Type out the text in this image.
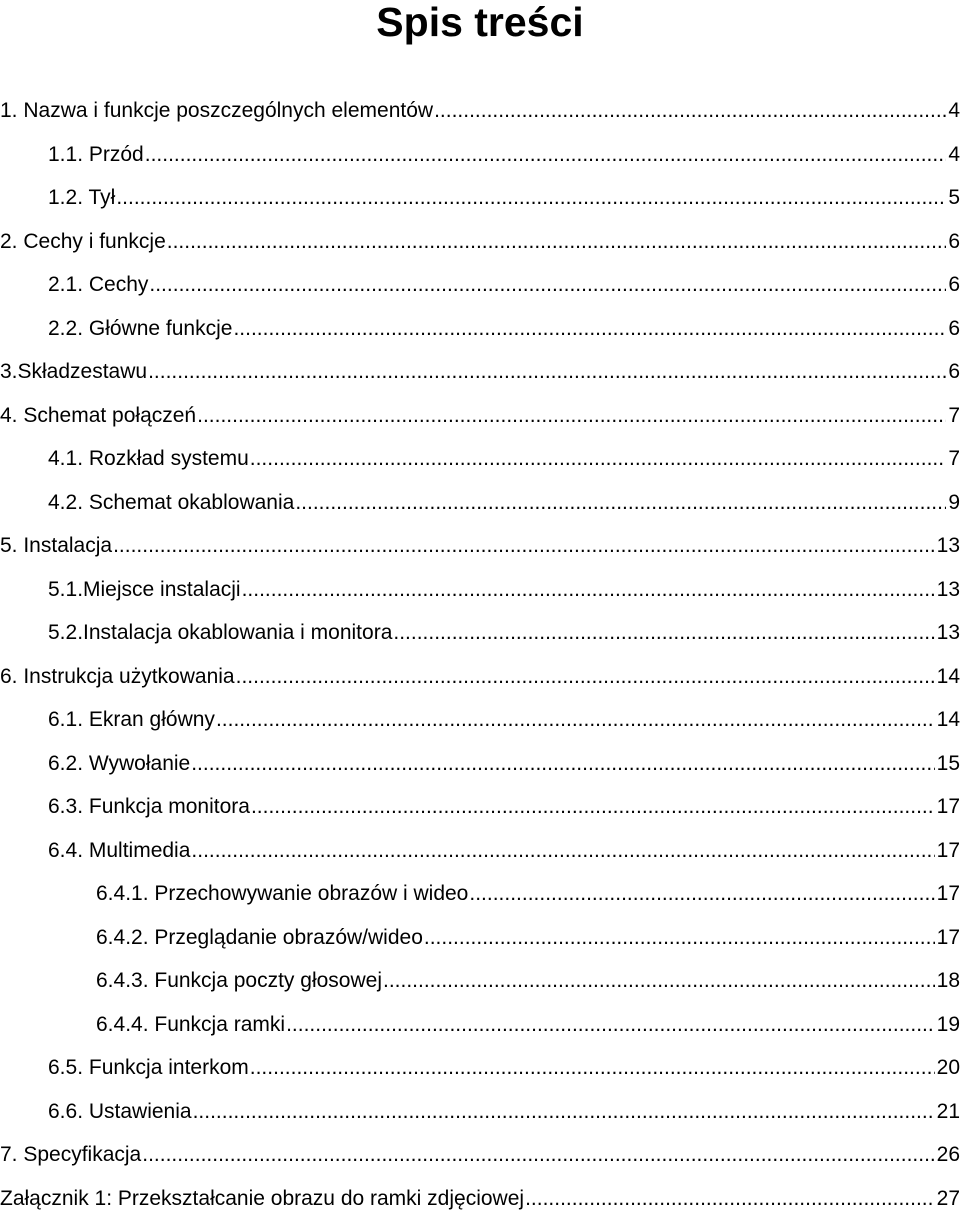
Spis treści
1. Nazwa i funkcje poszczególnych elementów .....	4
1.1. Przód .....	4
1.2. Tył .....	5
2. Cechy i funkcje .....	6
2.1. Cechy .....	6
2.2. Główne funkcje .....	6
3.Składzestawu .....	6
4. Schemat połączeń .....	7
4.1. Rozkład systemu .....	7
4.2. Schemat okablowania .....	9
5. Instalacja .....	13
5.1.Miejsce instalacji .....	13
5.2.Instalacja okablowania i monitora .....	13
6. Instrukcja użytkowania .....	14
6.1. Ekran główny .....	14
6.2. Wywołanie .....	15
6.3. Funkcja monitora .....	17
6.4. Multimedia .....	17
6.4.1. Przechowywanie obrazów i wideo .....	17
6.4.2. Przeglądanie obrazów/wideo .....	17
6.4.3. Funkcja poczty głosowej .....	18
6.4.4. Funkcja ramki .....	19
6.5. Funkcja interkom .....	20
6.6. Ustawienia .....	21
7. Specyfikacja .....	26
Załącznik 1: Przekształcanie obrazu do ramki zdjęciowej .....	27
